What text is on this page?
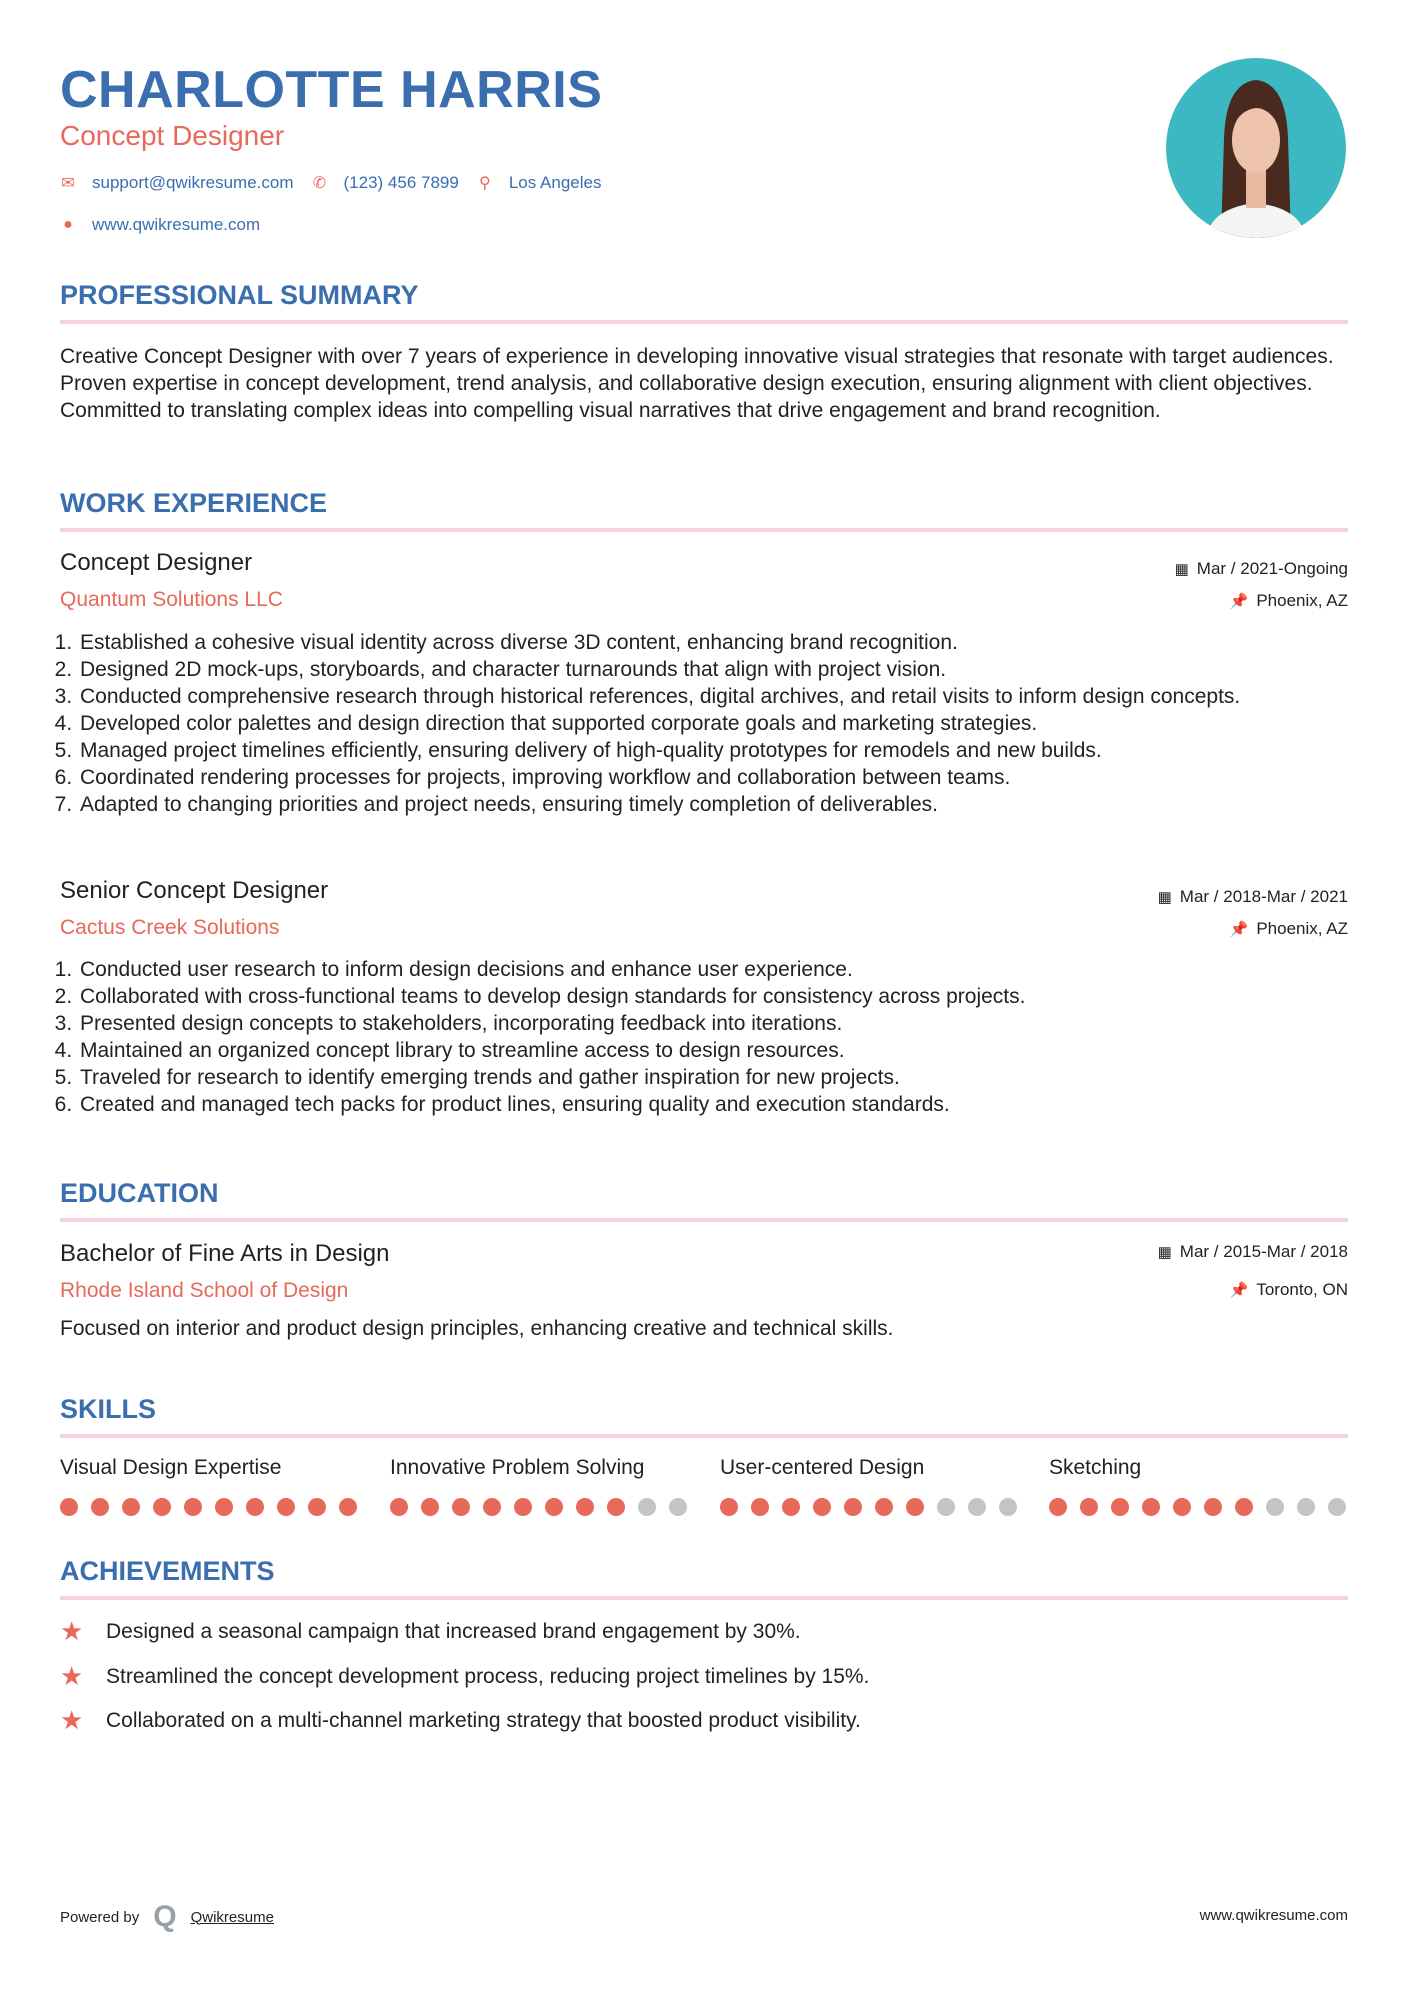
CHARLOTTE HARRIS
Concept Designer
✉ support@qwikresume.com ✆ (123) 456 7899 ⚲ Los Angeles
● www.qwikresume.com
PROFESSIONAL SUMMARY
Creative Concept Designer with over 7 years of experience in developing innovative visual strategies that resonate with target audiences. Proven expertise in concept development, trend analysis, and collaborative design execution, ensuring alignment with client objectives. Committed to translating complex ideas into compelling visual narratives that drive engagement and brand recognition.
WORK EXPERIENCE
Concept Designer
Quantum Solutions LLC
▦ Mar / 2021-Ongoing
📌 Phoenix, AZ
1. Established a cohesive visual identity across diverse 3D content, enhancing brand recognition.
2. Designed 2D mock-ups, storyboards, and character turnarounds that align with project vision.
3. Conducted comprehensive research through historical references, digital archives, and retail visits to inform design concepts.
4. Developed color palettes and design direction that supported corporate goals and marketing strategies.
5. Managed project timelines efficiently, ensuring delivery of high-quality prototypes for remodels and new builds.
6. Coordinated rendering processes for projects, improving workflow and collaboration between teams.
7. Adapted to changing priorities and project needs, ensuring timely completion of deliverables.
Senior Concept Designer
Cactus Creek Solutions
▦ Mar / 2018-Mar / 2021
📌 Phoenix, AZ
1. Conducted user research to inform design decisions and enhance user experience.
2. Collaborated with cross-functional teams to develop design standards for consistency across projects.
3. Presented design concepts to stakeholders, incorporating feedback into iterations.
4. Maintained an organized concept library to streamline access to design resources.
5. Traveled for research to identify emerging trends and gather inspiration for new projects.
6. Created and managed tech packs for product lines, ensuring quality and execution standards.
EDUCATION
Bachelor of Fine Arts in Design
Rhode Island School of Design
▦ Mar / 2015-Mar / 2018
📌 Toronto, ON
Focused on interior and product design principles, enhancing creative and technical skills.
SKILLS
Visual Design Expertise	Innovative Problem Solving	User-centered Design	Sketching
ACHIEVEMENTS
★	Designed a seasonal campaign that increased brand engagement by 30%.
★	Streamlined the concept development process, reducing project timelines by 15%.
★	Collaborated on a multi-channel marketing strategy that boosted product visibility.
Powered by Q Qwikresume	www.qwikresume.com
